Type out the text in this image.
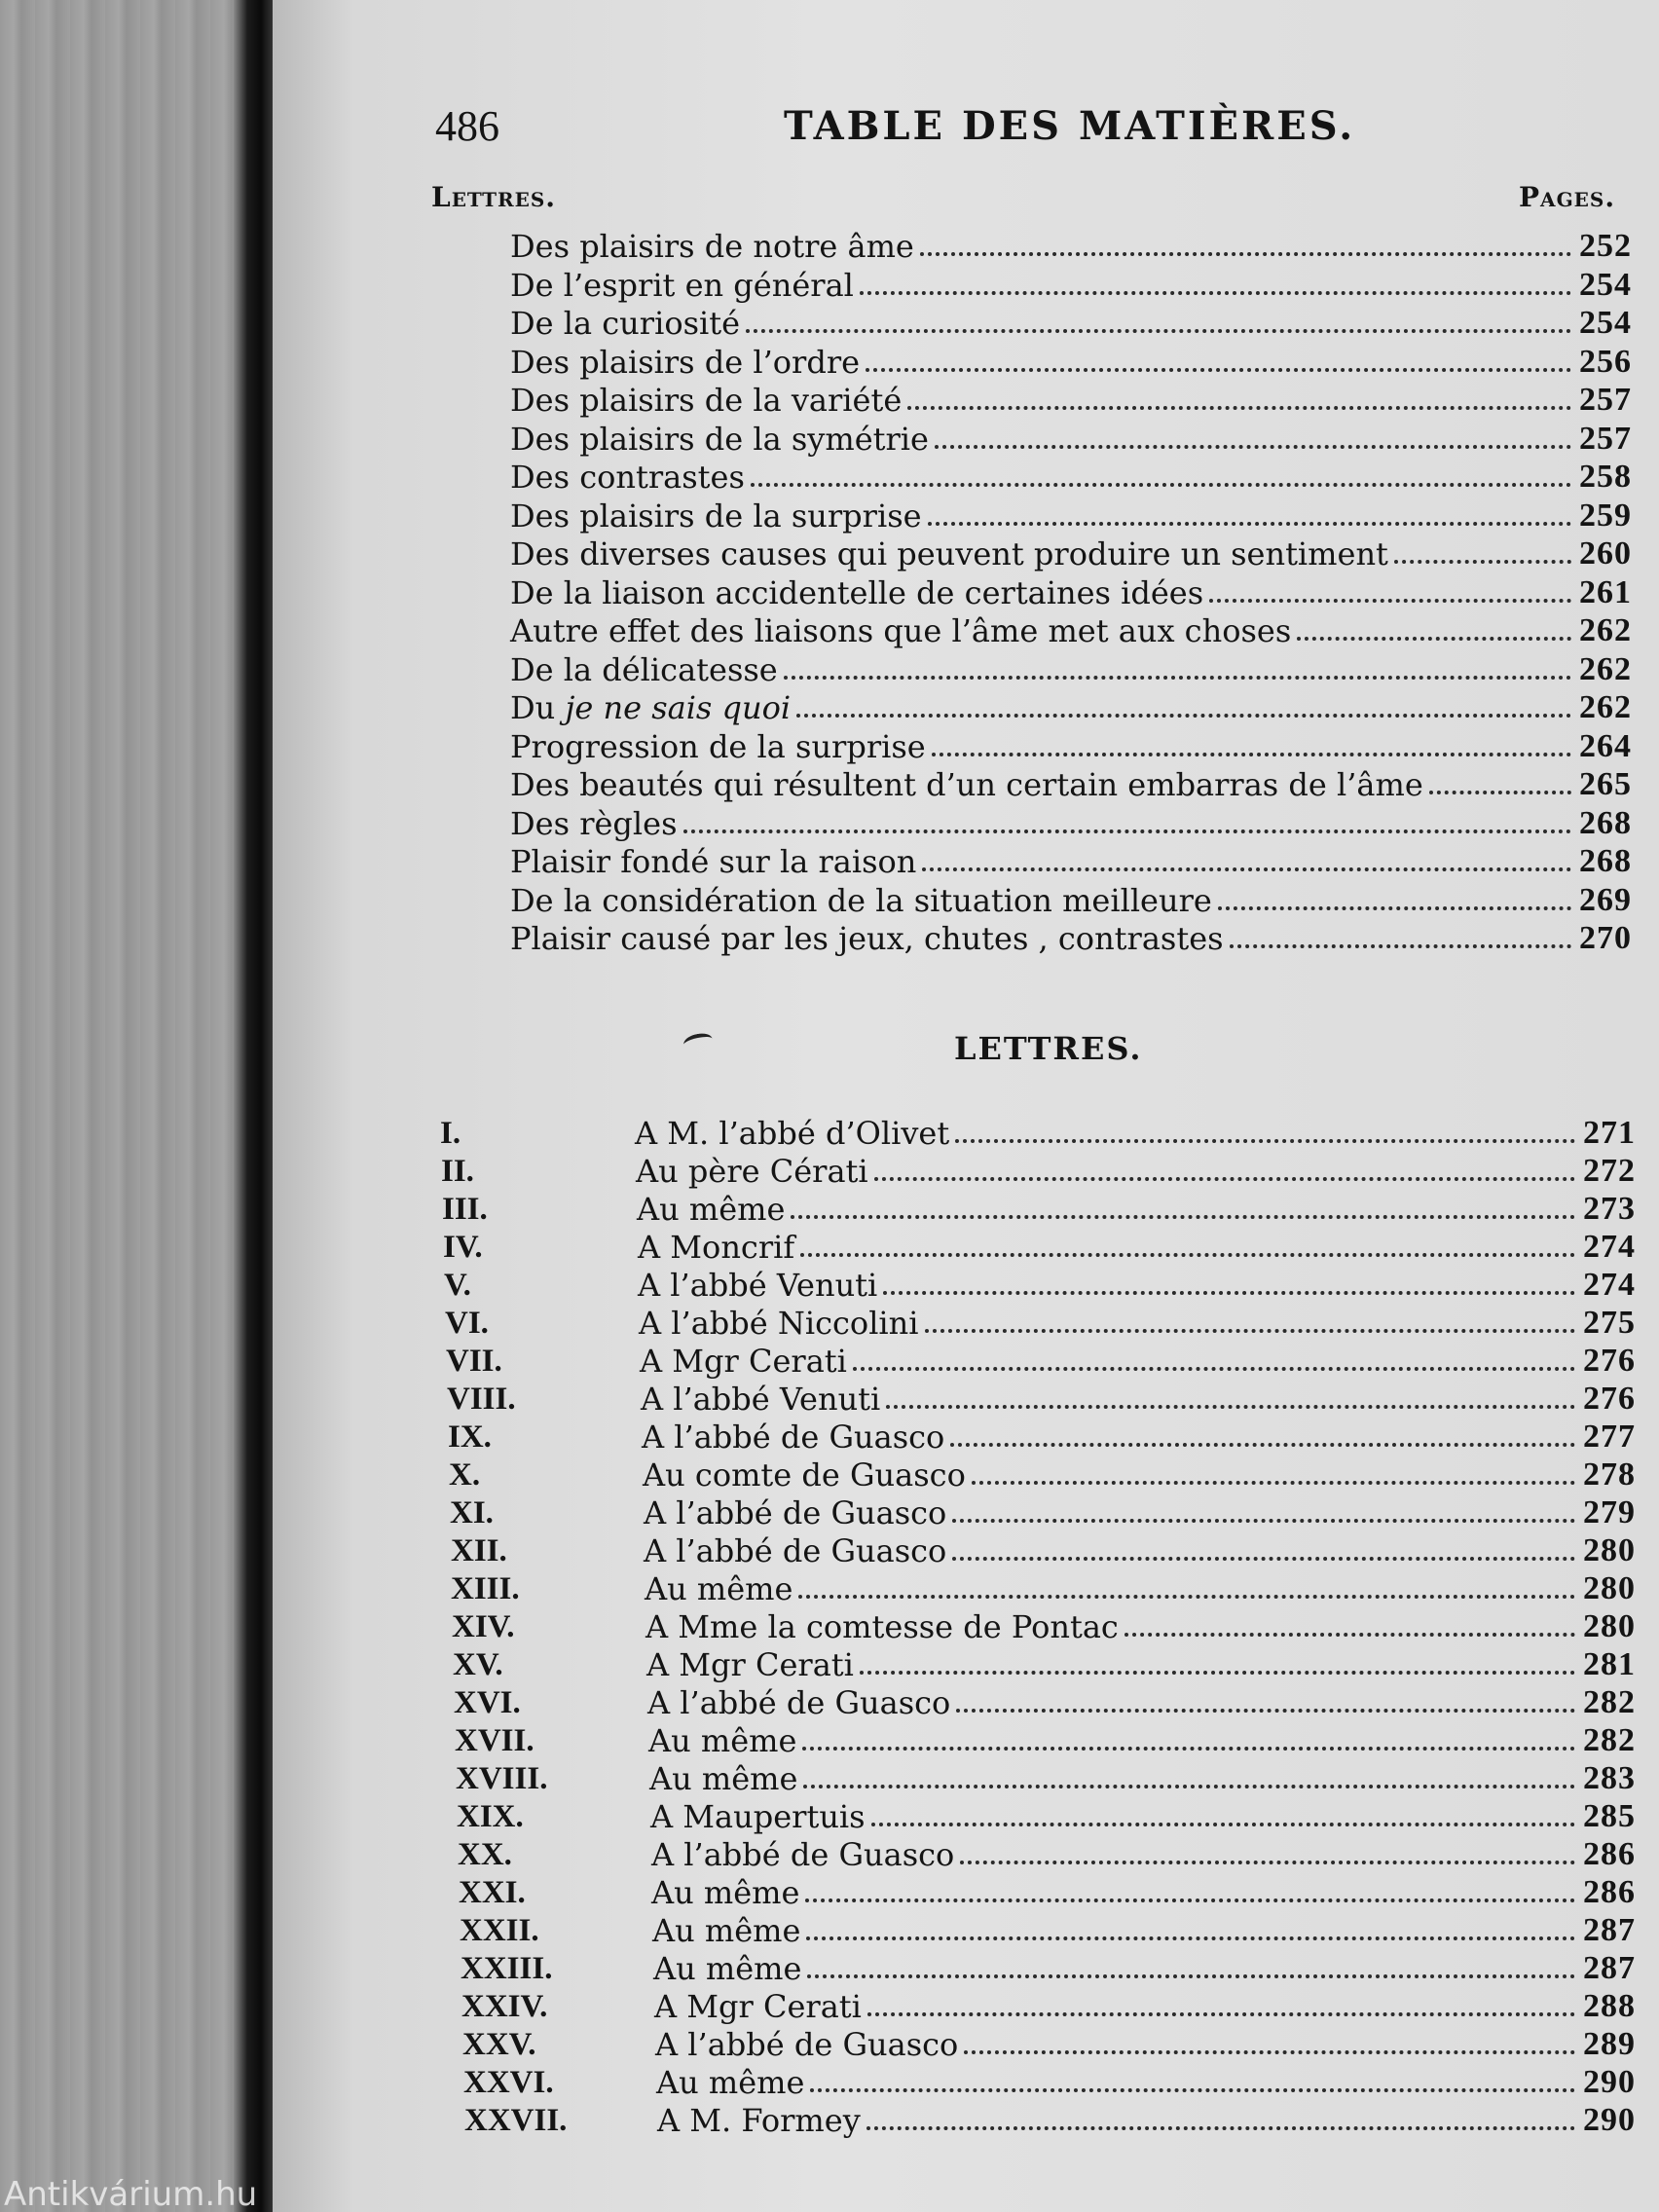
486	TABLE DES MATIÈRES.
Lettres.	Pages.
Des plaisirs de notre âme	252
De l’esprit en général	254
De la curiosité	254
Des plaisirs de l’ordre	256
Des plaisirs de la variété	257
Des plaisirs de la symétrie	257
Des contrastes	258
Des plaisirs de la surprise	259
Des diverses causes qui peuvent produire un sentiment	260
De la liaison accidentelle de certaines idées	261
Autre effet des liaisons que l’âme met aux choses	262
De la délicatesse	262
Du je ne sais quoi	262
Progression de la surprise	264
Des beautés qui résultent d’un certain embarras de l’âme	265
Des règles	268
Plaisir fondé sur la raison	268
De la considération de la situation meilleure	269
Plaisir causé par les jeux, chutes , contrastes	270
LETTRES.
I.	A M. l’abbé d’Olivet	271
II.	Au père Cérati	272
III.	Au même	273
IV.	A Moncrif	274
V.	A l’abbé Venuti	274
VI.	A l’abbé Niccolini	275
VII.	A Mgr Cerati	276
VIII.	A l’abbé Venuti	276
IX.	A l’abbé de Guasco	277
X.	Au comte de Guasco	278
XI.	A l’abbé de Guasco	279
XII.	A l’abbé de Guasco	280
XIII.	Au même	280
XIV.	A Mme la comtesse de Pontac	280
XV.	A Mgr Cerati	281
XVI.	A l’abbé de Guasco	282
XVII.	Au même	282
XVIII.	Au même	283
XIX.	A Maupertuis	285
XX.	A l’abbé de Guasco	286
XXI.	Au même	286
XXII.	Au même	287
XXIII.	Au même	287
XXIV.	A Mgr Cerati	288
XXV.	A l’abbé de Guasco	289
XXVI.	Au même	290
XXVII.	A M. Formey	290
Antikvárium.hu
